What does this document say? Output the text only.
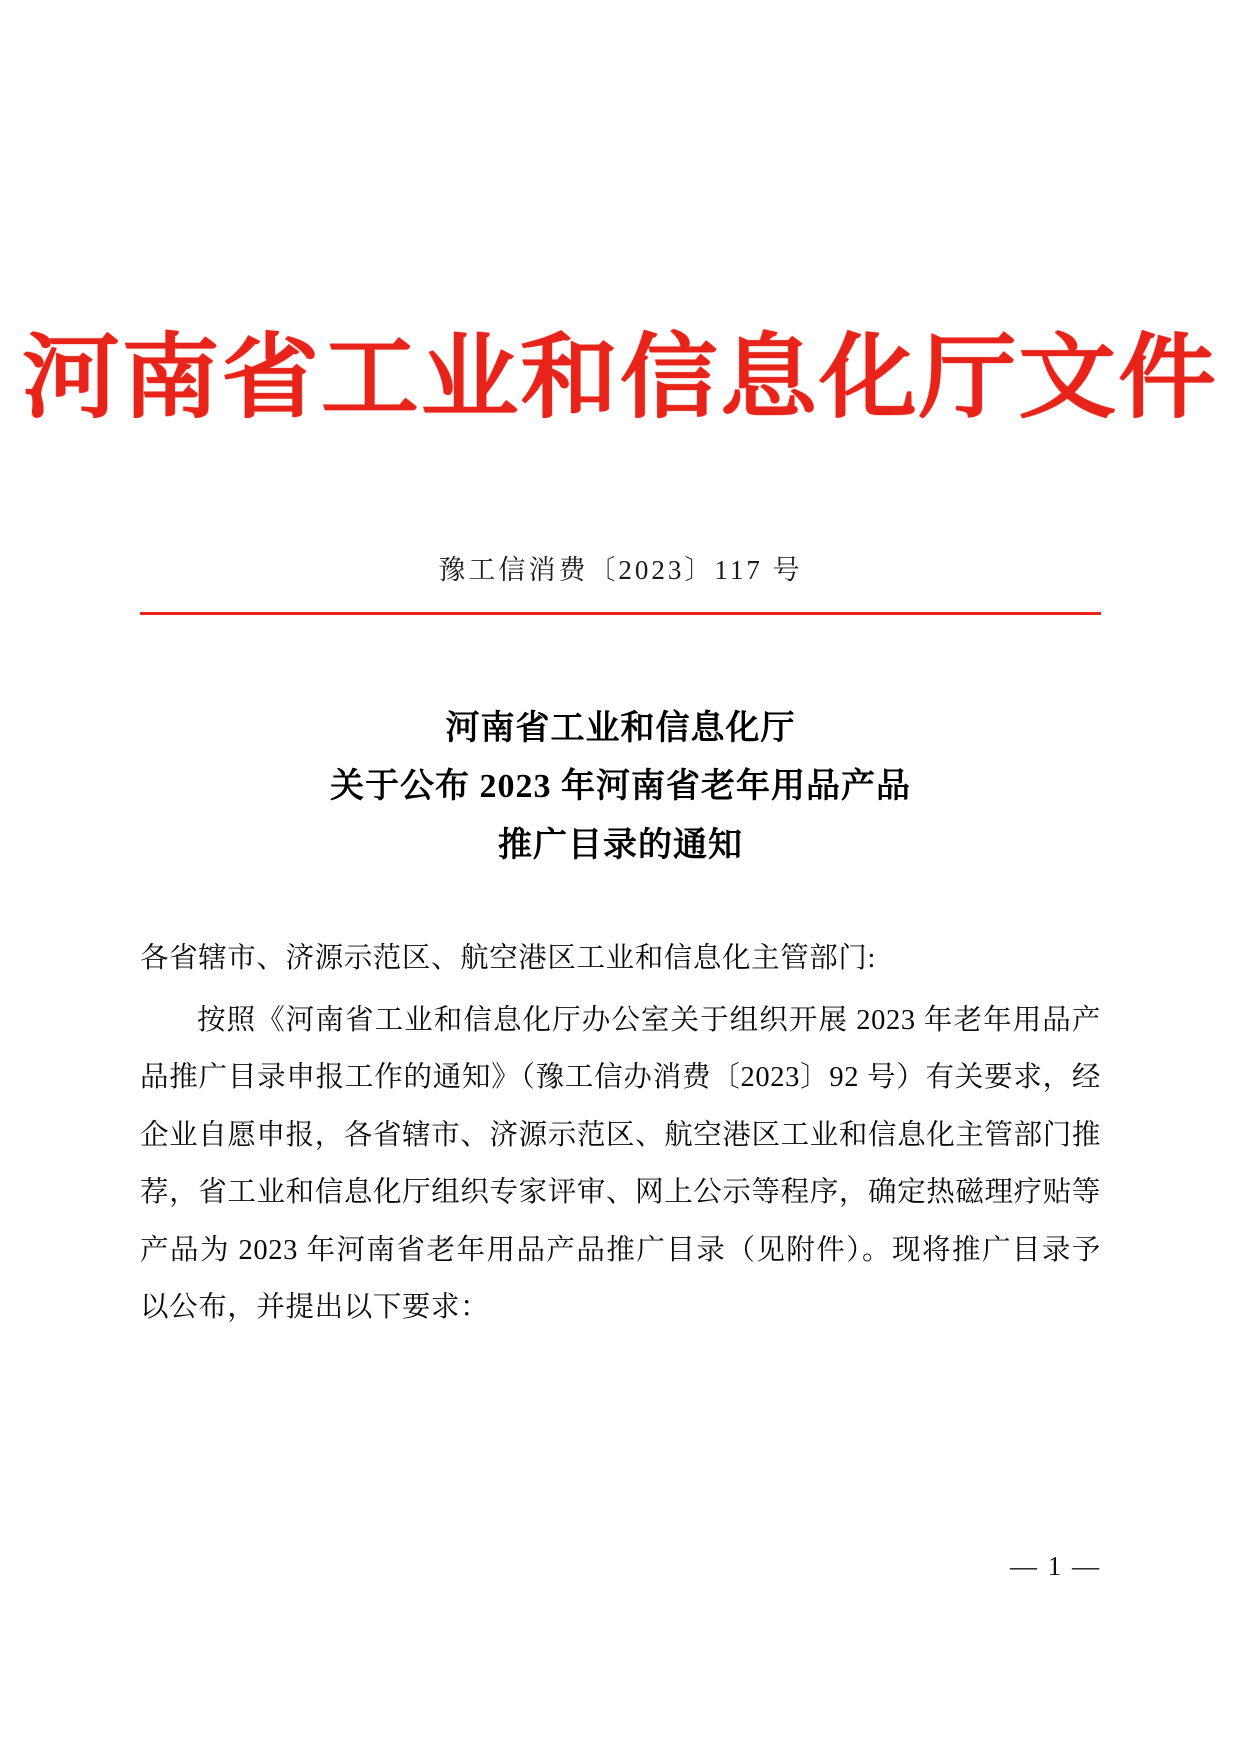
河南省工业和信息化厅文件
豫工信消费〔2023〕117 号
河南省工业和信息化厅
关于公布 2023 年河南省老年用品产品
推广目录的通知

各省辖市、济源示范区、航空港区工业和信息化主管部门:

按照《河南省工业和信息化厅办公室关于组织开展 2023 年老年用品产品推广目录申报工作的通知》（豫工信办消费〔2023〕92 号）有关要求，经企业自愿申报，各省辖市、济源示范区、航空港区工业和信息化主管部门推荐，省工业和信息化厅组织专家评审、网上公示等程序，确定热磁理疗贴等产品为 2023 年河南省老年用品产品推广目录（见附件）。现将推广目录予以公布，并提出以下要求：

— 1 —
